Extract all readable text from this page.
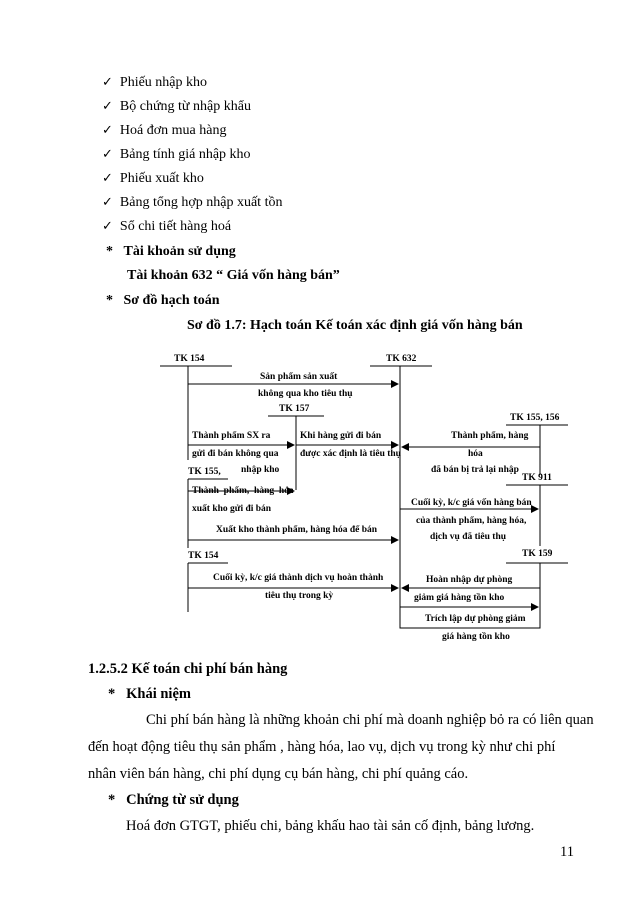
✓ Phiếu nhập kho
✓ Bộ chứng từ nhập khẩu
✓ Hoá đơn mua hàng
✓ Bảng tính giá nhập kho
✓ Phiếu xuất kho
✓ Bảng tổng hợp nhập xuất tồn
✓ Sổ chi tiết hàng hoá
* Tài khoản sử dụng
Tài khoản 632 “ Giá vốn hàng bán”
* Sơ đồ hạch toán
Sơ đồ 1.7: Hạch toán Kế toán xác định giá vốn hàng bán
TK 154	TK 632
TK 157
TK 155, 156
TK 155,
TK 911
TK 154	TK 159
Sản phẩm sản xuất
không qua kho tiêu thụ
Thành phẩm SX ra
gửi đi bán không qua
nhập kho
Khi hàng gửi đi bán
được xác định là tiêu thụ
Thành phẩm, hàng
hóa
đã bán bị trả lại nhập
Thành  phẩm,  hàng  hóa
xuất kho gửi đi bán
Xuất kho thành phẩm, hàng hóa để bán
Cuối kỳ, k/c giá vốn hàng bán
của thành phẩm, hàng hóa,
dịch vụ đã tiêu thụ
Cuối kỳ, k/c giá thành dịch vụ hoàn thành
tiêu thụ trong kỳ
Hoàn nhập dự phòng
giảm giá hàng tồn kho
Trích lập dự phòng giảm
giá hàng tồn kho
1.2.5.2 Kế toán chi phí bán hàng
* Khái niệm
Chi phí bán hàng là những khoản chi phí mà doanh nghiệp bỏ ra có liên quan
đến hoạt động tiêu thụ sản phẩm , hàng hóa, lao vụ, dịch vụ trong kỳ như chi phí
nhân viên bán hàng, chi phí dụng cụ bán hàng, chi phí quảng cáo.
* Chứng từ sử dụng
Hoá đơn GTGT, phiếu chi, bảng khấu hao tài sản cố định, bảng lương.
11
